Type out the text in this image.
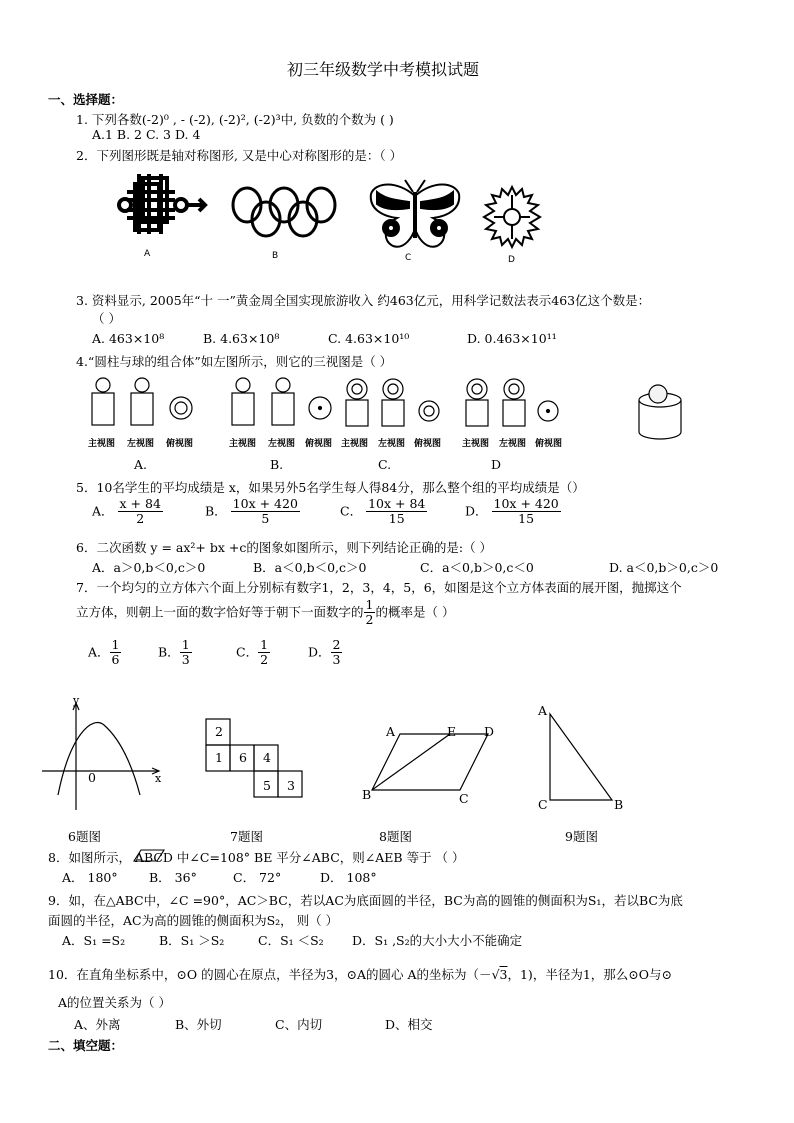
初三年级数学中考模拟试题
一、选择题：
1. 下列各数(-2)⁰ , - (-2), (-2)², (-2)³中, 负数的个数为 ( )
A.1 B. 2 C. 3 D. 4
2．下列图形既是轴对称图形, 又是中心对称图形的是：（ ）
A	B	C	D
3. 资料显示, 2005年“十 一”黄金周全国实现旅游收入 约463亿元，用科学记数法表示463亿这个数是：
（ ）
A. 463×10⁸	B. 4.63×10⁸	C. 4.63×10¹⁰	D. 0.463×10¹¹
4.“圆柱与球的组合体”如左图所示，则它的三视图是（ ）
主视图 左视图 俯视图	主视图 左视图 俯视图 主视图 左视图 俯视图 主视图 左视图 俯视图
A.	B.	C.	D
5．10名学生的平均成绩是 x，如果另外5名学生每人得84分，那么整个组的平均成绩是（）
A． $\frac{x + 84}{2}$	B． $\frac{10x + 420}{5}$	C． $\frac{10x + 84}{15}$	D． $\frac{10x + 420}{15}$
6．二次函数 y = ax²+ bx +c的图象如图所示，则下列结论正确的是:（ ）
A．a＞0,b＜0,c＞0	B．a＜0,b＜0,c＞0	C．a＜0,b＞0,c＜0	D. a＜0,b＞0,c＞0
7．一个均匀的立方体六个面上分别标有数字1，2，3，4，5，6，如图是这个立方体表面的展开图，抛掷这个
立方体，则朝上一面的数字恰好等于朝下一面数字的 $\frac{1}{2}$ 的概率是（ ）
A． $\frac{1}{6}$	B． $\frac{1}{3}$	C． $\frac{1}{2}$	D． $\frac{2}{3}$
y
x
0
6题图
2
1 6 4
5 3
7题图
A	E D
B	C
8题图
A
C	B
9题图
8．如图所示， ABCD 中∠C=108° BE 平分∠ABC，则∠AEB 等于 （ ）
A． 180°	B． 36°	C． 72°	D． 108°
9．如，在△ABC中，∠C =90°，AC＞BC，若以AC为底面圆的半径，BC为高的圆锥的侧面积为S₁，若以BC为底
面圆的半径，AC为高的圆锥的侧面积为S₂， 则（ ）
A．S₁ =S₂	B．S₁ ＞S₂	C．S₁ ＜S₂ D．S₁ ,S₂的大小大小不能确定
10．在直角坐标系中，⊙O 的圆心在原点，半径为3，⊙A的圆心 A的坐标为（－√3，1)，半径为1，那么⊙O与⊙
A的位置关系为（ ）
A、外离	B、外切	C、内切	D、相交
二、填空题：
